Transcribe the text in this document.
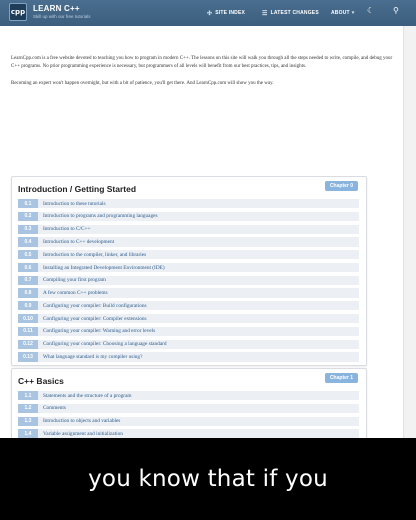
cpp LEARN C++
Skill up with our free tutorials	✣ SITE INDEX	☰ LATEST CHANGES ABOUT ▾ ☾ ⚲

LearnCpp.com is a free website devoted to teaching you how to program in modern C++. The lessons on this site will walk you through all the steps needed to write, compile, and debug your C++ programs. No prior programming experience is necessary, but programmers of all levels will benefit from our best practices, tips, and insights.

Becoming an expert won't happen overnight, but with a bit of patience, you'll get there. And LearnCpp.com will show you the way.

Introduction / Getting Started	Chapter 0
0.1	Introduction to these tutorials
0.2	Introduction to programs and programming languages
0.3	Introduction to C/C++
0.4	Introduction to C++ development
0.5	Introduction to the compiler, linker, and libraries
0.6	Installing an Integrated Development Environment (IDE)
0.7	Compiling your first program
0.8	A few common C++ problems
0.9	Configuring your compiler: Build configurations
0.10	Configuring your compiler: Compiler extensions
0.11	Configuring your compiler: Warning and error levels
0.12	Configuring your compiler: Choosing a language standard
0.13	What language standard is my compiler using?
C++ Basics	Chapter 1
1.1	Statements and the structure of a program
1.2	Comments
1.3	Introduction to objects and variables
1.4	Variable assignment and initialization
you know that if you
